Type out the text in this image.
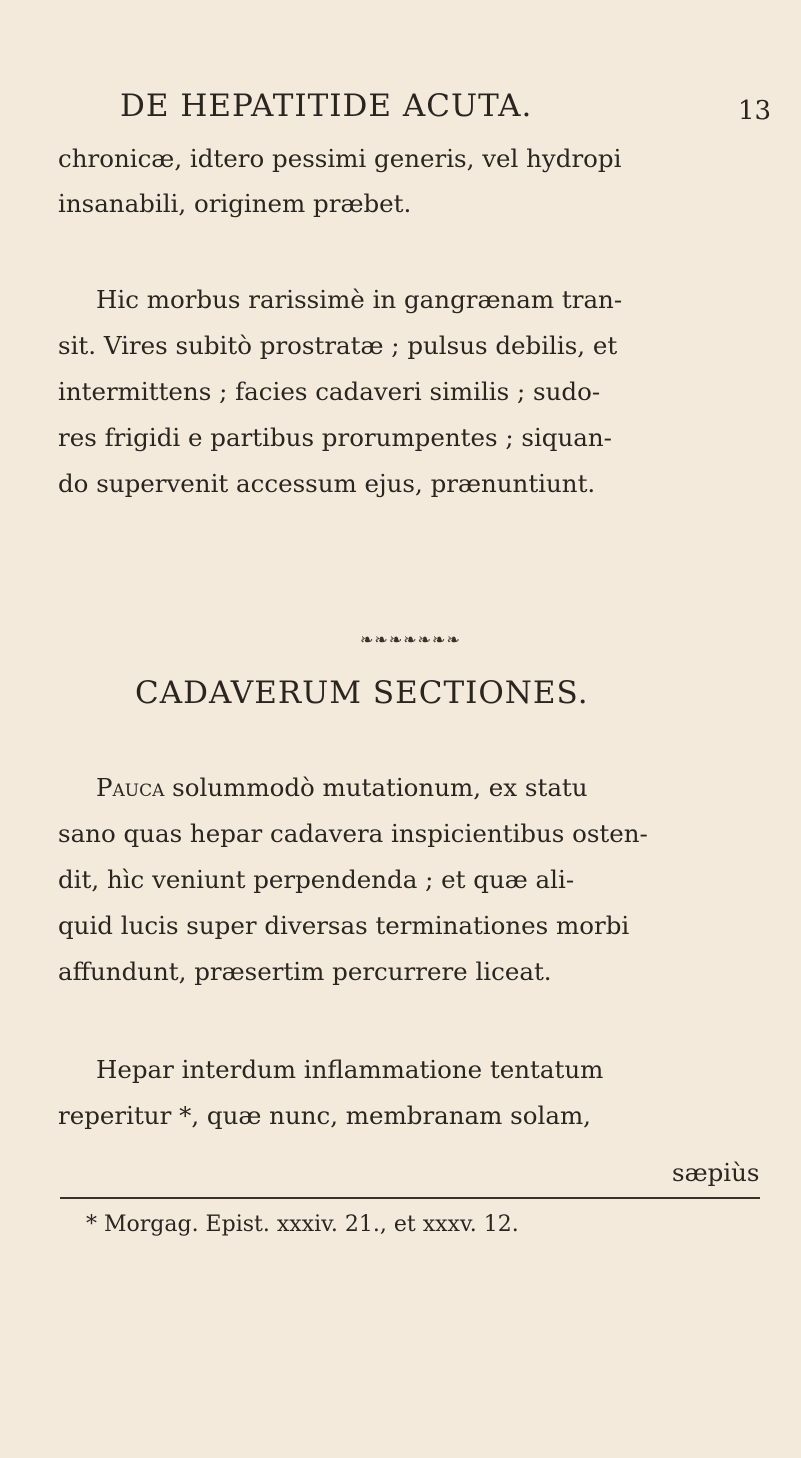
DE HEPATITIDE ACUTA.	13
chronicæ, idtero pessimi generis, vel hydropi
insanabili, originem præbet.
Hic morbus rarissimè in gangrænam tran-
sit. Vires subitò prostratæ ; pulsus debilis, et
intermittens ; facies cadaveri similis ; sudo-
res frigidi e partibus prorumpentes ; siquan-
do supervenit accessum ejus, prænuntiunt.
❧❧❧❧❧❧❧
CADAVERUM SECTIONES.
Pauca solummodò mutationum, ex statu
sano quas hepar cadavera inspicientibus osten-
dit, hìc veniunt perpendenda ; et quæ ali-
quid lucis super diversas terminationes morbi
affundunt, præsertim percurrere liceat.
Hepar interdum inflammatione tentatum
reperitur *, quæ nunc, membranam solam,
sæpiùs
* Morgag. Epist. xxxiv. 21., et xxxv. 12.
